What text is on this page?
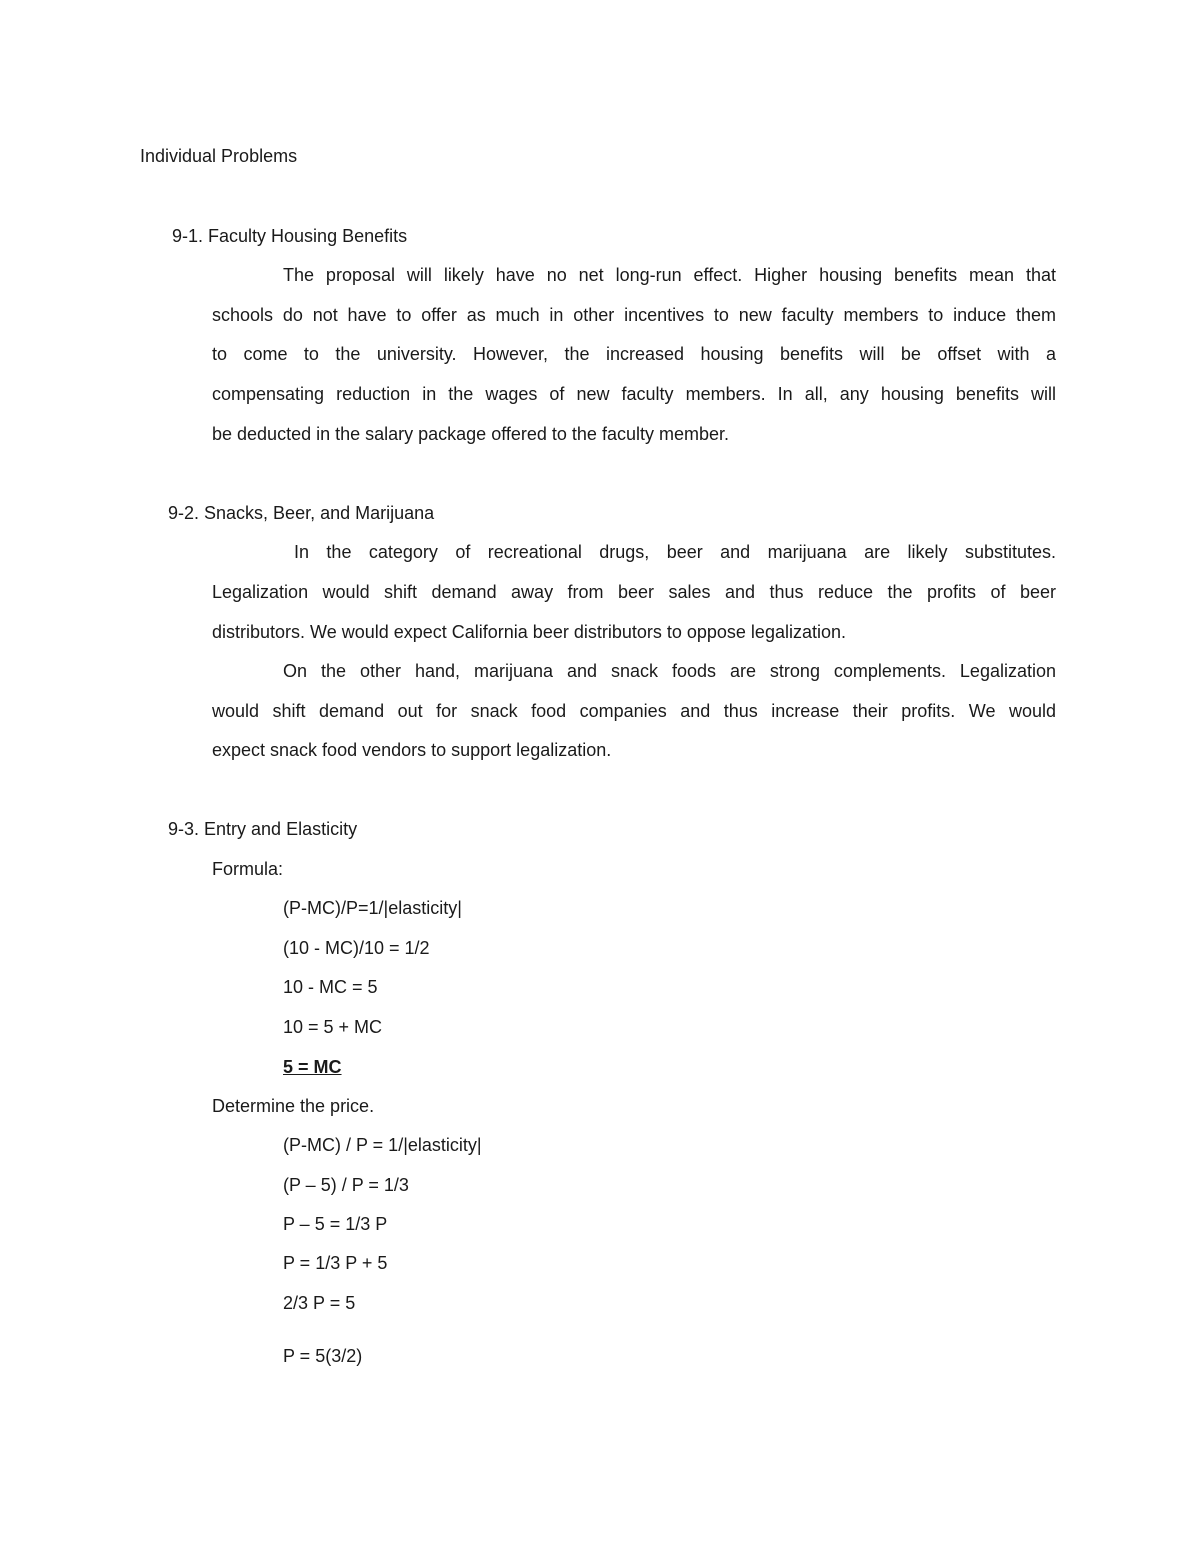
Individual Problems
9-1. Faculty Housing Benefits
The proposal will likely have no net long-run effect. Higher housing benefits mean that
schools do not have to offer as much in other incentives to new faculty members to induce them
to come to the university. However, the increased housing benefits will be offset with a
compensating reduction in the wages of new faculty members. In all, any housing benefits will
be deducted in the salary package offered to the faculty member.
9-2. Snacks, Beer, and Marijuana
In the category of recreational drugs, beer and marijuana are likely substitutes.
Legalization would shift demand away from beer sales and thus reduce the profits of beer
distributors. We would expect California beer distributors to oppose legalization.
On the other hand, marijuana and snack foods are strong complements. Legalization
would shift demand out for snack food companies and thus increase their profits. We would
expect snack food vendors to support legalization.
9-3. Entry and Elasticity
Formula:
(P-MC)/P=1/|elasticity|
(10 - MC)/10 = 1/2
10 - MC = 5
10 = 5 + MC
5 = MC
Determine the price.
(P-MC) / P = 1/|elasticity|
(P – 5) / P = 1/3
P – 5 = 1/3 P
P = 1/3 P + 5
2/3 P = 5
P = 5(3/2)
